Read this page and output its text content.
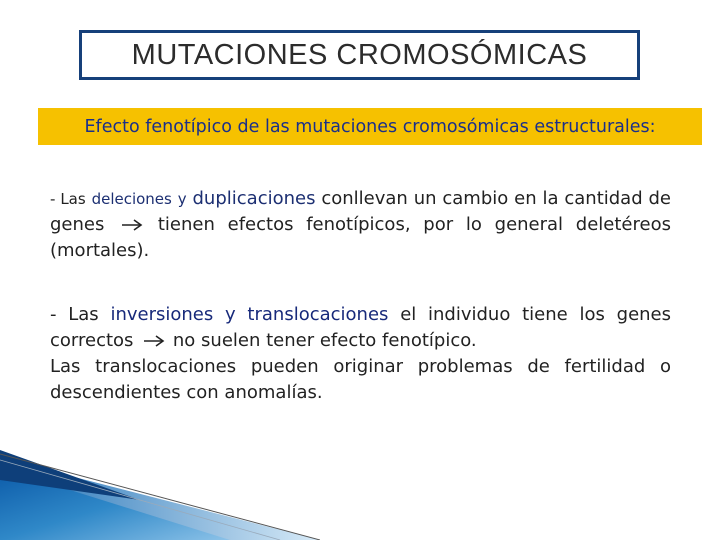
MUTACIONES CROMOSÓMICAS
Efecto fenotípico de las mutaciones cromosómicas estructurales:
- Las deleciones y duplicaciones conllevan un cambio en la cantidad de genes	tienen efectos fenotípicos, por lo general deletéreos (mortales).
- Las inversiones y translocaciones el individuo tiene los genes correctos no suelen tener efecto fenotípico.
Las translocaciones pueden originar problemas de fertilidad o descendientes con anomalías.
